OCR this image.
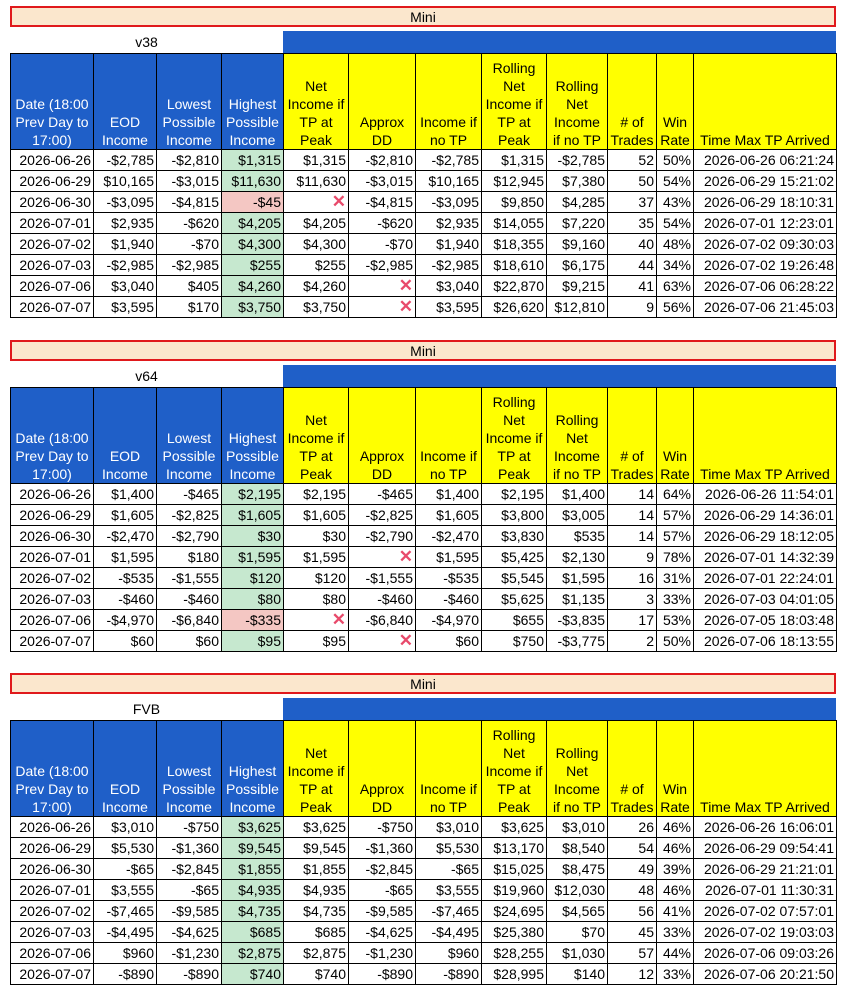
Mini
v38
Date (18:00 Prev Day to 17:00)	EOD Income	Lowest Possible Income	Highest Possible Income	Net Income if TP at Peak	Approx DD	Income if no TP	Rolling Net Income if TP at Peak	Rolling Net Income if no TP	# of Trades	Win Rate	Time Max TP Arrived
2026-06-26	-$2,785	-$2,810	$1,315	$1,315	-$2,810	-$2,785	$1,315	-$2,785	52	50%	2026-06-26 06:21:24
2026-06-29	$10,165	-$3,015	$11,630	$11,630	-$3,015	$10,165	$12,945	$7,380	50	54%	2026-06-29 15:21:02
2026-06-30	-$3,095	-$4,815	-$45	✕	-$4,815	-$3,095	$9,850	$4,285	37	43%	2026-06-29 18:10:31
2026-07-01	$2,935	-$620	$4,205	$4,205	-$620	$2,935	$14,055	$7,220	35	54%	2026-07-01 12:23:01
2026-07-02	$1,940	-$70	$4,300	$4,300	-$70	$1,940	$18,355	$9,160	40	48%	2026-07-02 09:30:03
2026-07-03	-$2,985	-$2,985	$255	$255	-$2,985	-$2,985	$18,610	$6,175	44	34%	2026-07-02 19:26:48
2026-07-06	$3,040	$405	$4,260	$4,260	✕	$3,040	$22,870	$9,215	41	63%	2026-07-06 06:28:22
2026-07-07	$3,595	$170	$3,750	$3,750	✕	$3,595	$26,620	$12,810	9	56%	2026-07-06 21:45:03
Mini
v64
Date (18:00 Prev Day to 17:00)	EOD Income	Lowest Possible Income	Highest Possible Income	Net Income if TP at Peak	Approx DD	Income if no TP	Rolling Net Income if TP at Peak	Rolling Net Income if no TP	# of Trades	Win Rate	Time Max TP Arrived
2026-06-26	$1,400	-$465	$2,195	$2,195	-$465	$1,400	$2,195	$1,400	14	64%	2026-06-26 11:54:01
2026-06-29	$1,605	-$2,825	$1,605	$1,605	-$2,825	$1,605	$3,800	$3,005	14	57%	2026-06-29 14:36:01
2026-06-30	-$2,470	-$2,790	$30	$30	-$2,790	-$2,470	$3,830	$535	14	57%	2026-06-29 18:12:05
2026-07-01	$1,595	$180	$1,595	$1,595	✕	$1,595	$5,425	$2,130	9	78%	2026-07-01 14:32:39
2026-07-02	-$535	-$1,555	$120	$120	-$1,555	-$535	$5,545	$1,595	16	31%	2026-07-01 22:24:01
2026-07-03	-$460	-$460	$80	$80	-$460	-$460	$5,625	$1,135	3	33%	2026-07-03 04:01:05
2026-07-06	-$4,970	-$6,840	-$335	✕	-$6,840	-$4,970	$655	-$3,835	17	53%	2026-07-05 18:03:48
2026-07-07	$60	$60	$95	$95	✕	$60	$750	-$3,775	2	50%	2026-07-06 18:13:55
Mini
FVB
Date (18:00 Prev Day to 17:00)	EOD Income	Lowest Possible Income	Highest Possible Income	Net Income if TP at Peak	Approx DD	Income if no TP	Rolling Net Income if TP at Peak	Rolling Net Income if no TP	# of Trades	Win Rate	Time Max TP Arrived
2026-06-26	$3,010	-$750	$3,625	$3,625	-$750	$3,010	$3,625	$3,010	26	46%	2026-06-26 16:06:01
2026-06-29	$5,530	-$1,360	$9,545	$9,545	-$1,360	$5,530	$13,170	$8,540	54	46%	2026-06-29 09:54:41
2026-06-30	-$65	-$2,845	$1,855	$1,855	-$2,845	-$65	$15,025	$8,475	49	39%	2026-06-29 21:21:01
2026-07-01	$3,555	-$65	$4,935	$4,935	-$65	$3,555	$19,960	$12,030	48	46%	2026-07-01 11:30:31
2026-07-02	-$7,465	-$9,585	$4,735	$4,735	-$9,585	-$7,465	$24,695	$4,565	56	41%	2026-07-02 07:57:01
2026-07-03	-$4,495	-$4,625	$685	$685	-$4,625	-$4,495	$25,380	$70	45	33%	2026-07-02 19:03:03
2026-07-06	$960	-$1,230	$2,875	$2,875	-$1,230	$960	$28,255	$1,030	57	44%	2026-07-06 09:03:26
2026-07-07	-$890	-$890	$740	$740	-$890	-$890	$28,995	$140	12	33%	2026-07-06 20:21:50
